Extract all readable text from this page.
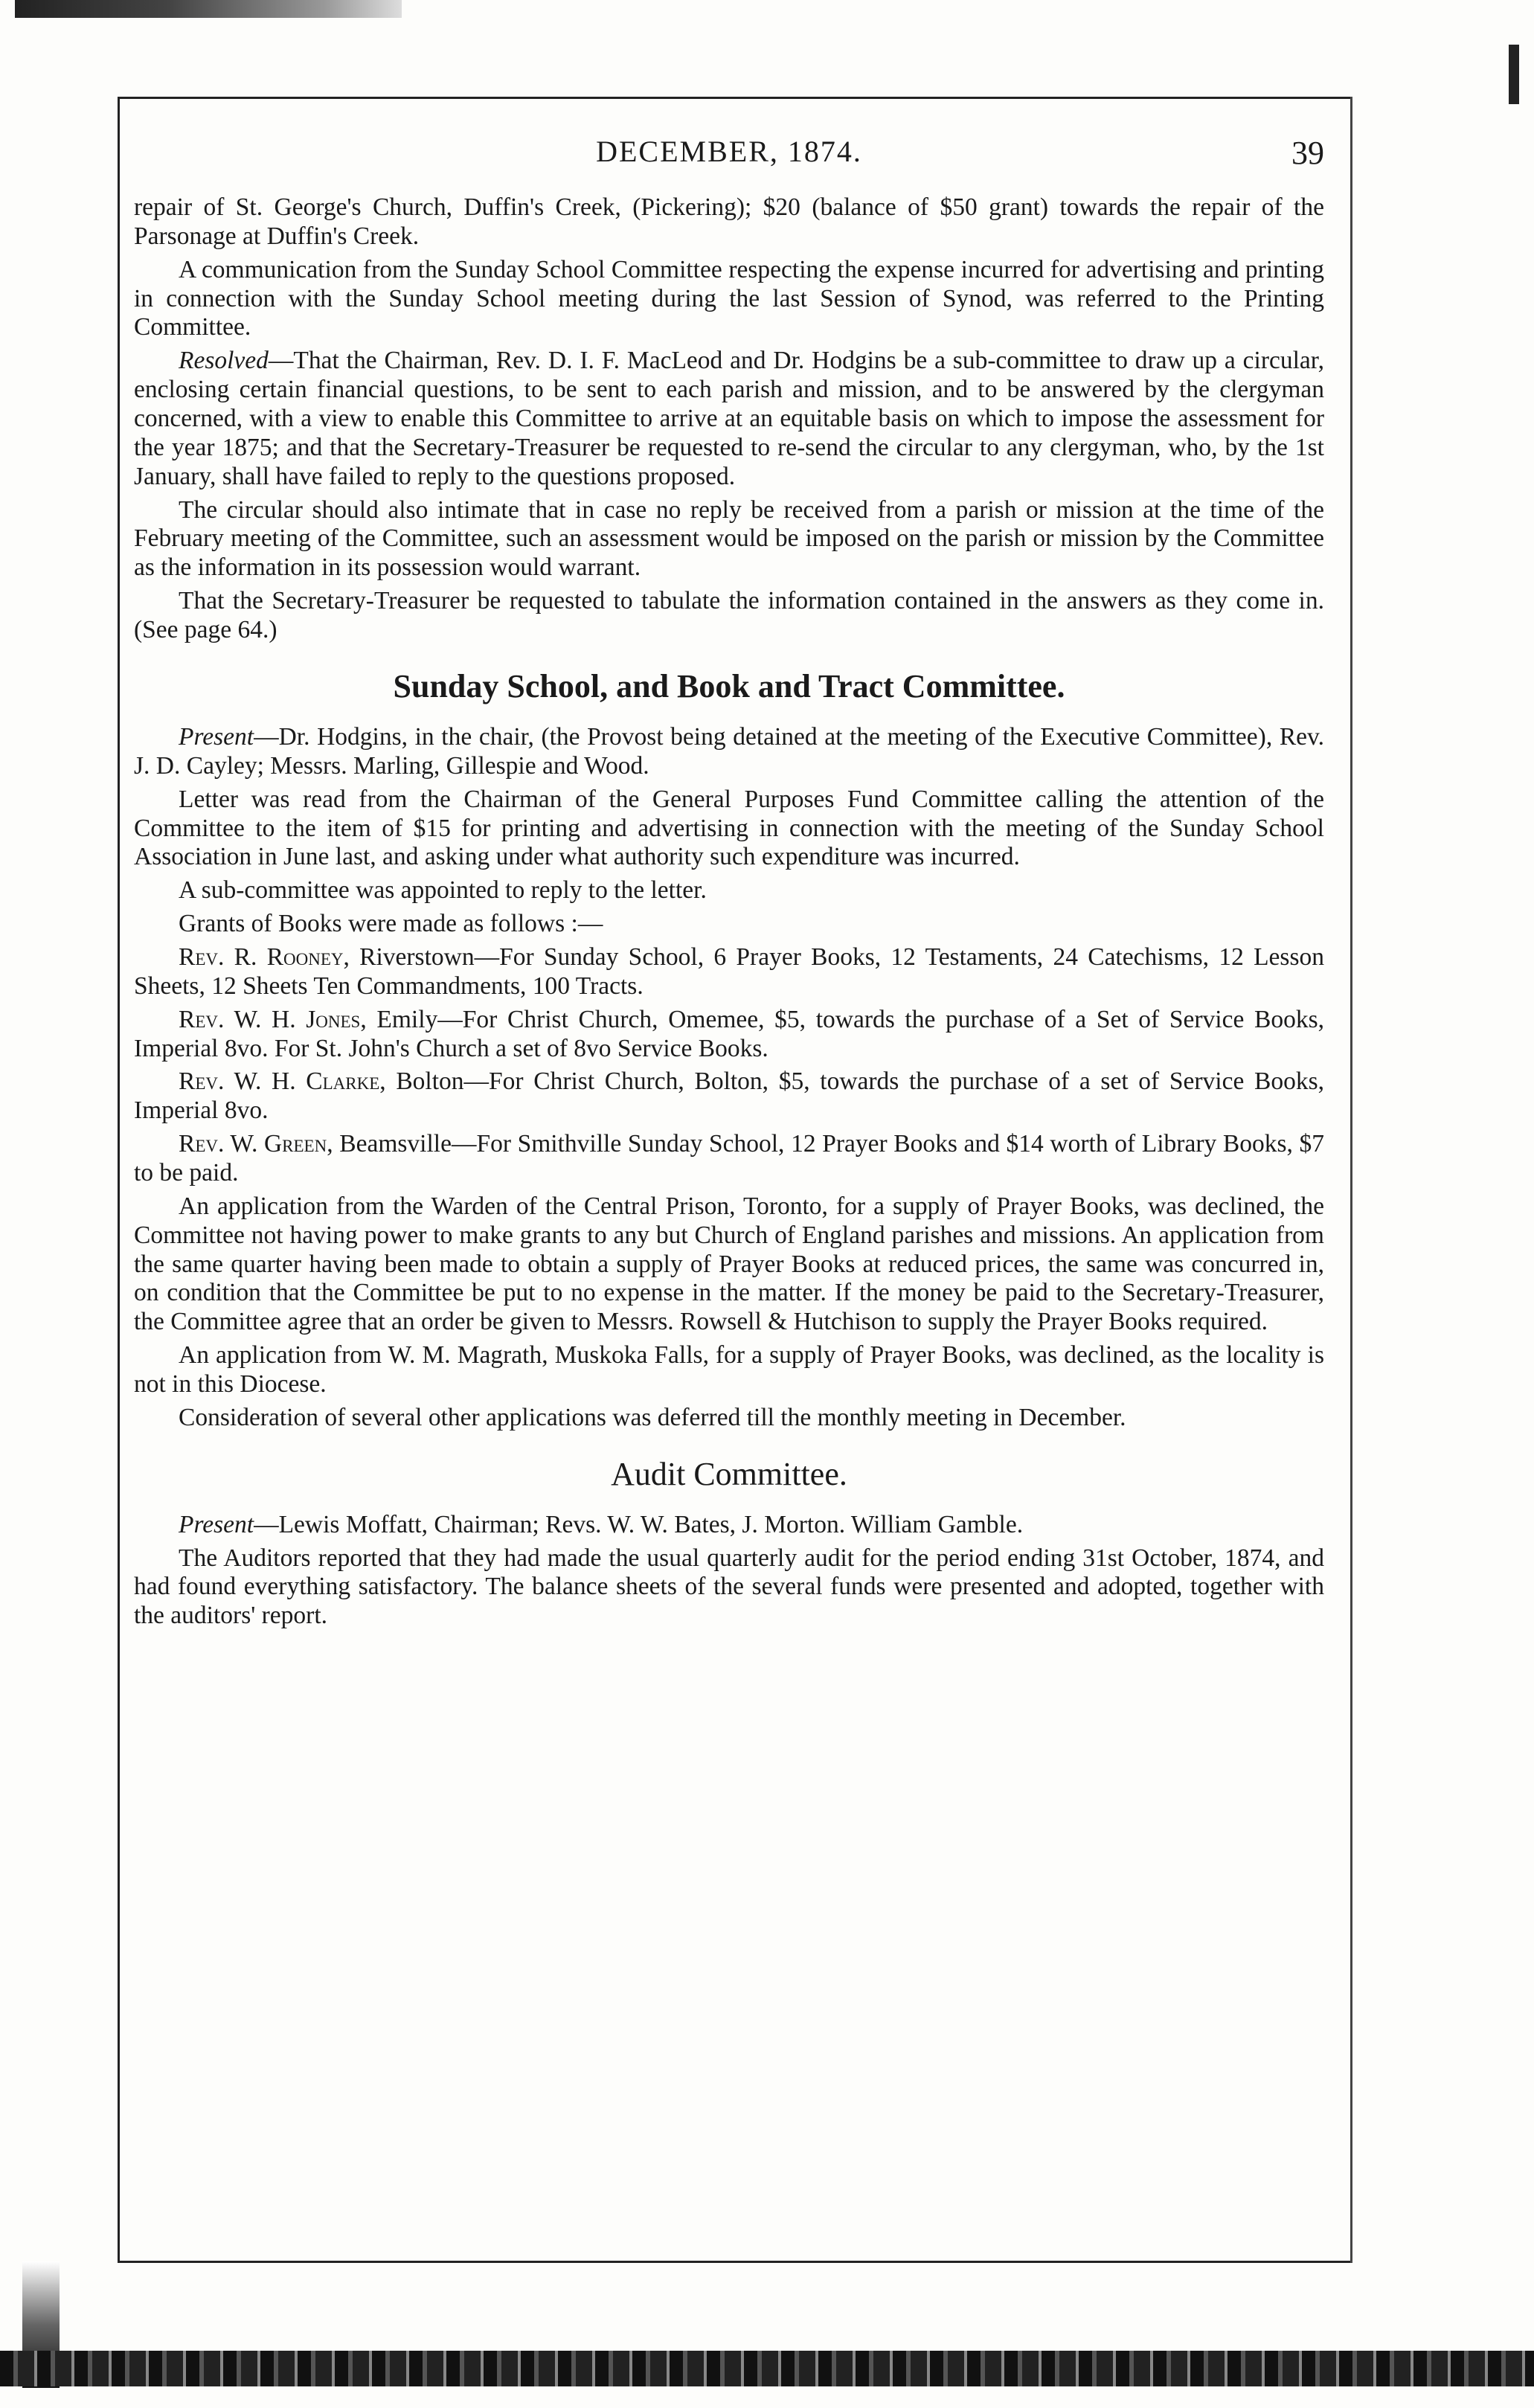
DECEMBER, 1874.	39

repair of St. George's Church, Duffin's Creek, (Pickering); $20 (balance of $50 grant) towards the repair of the Parsonage at Duffin's Creek.

A communication from the Sunday School Committee respecting the expense incurred for advertising and printing in connection with the Sunday School meeting during the last Session of Synod, was referred to the Printing Committee.

Resolved—That the Chairman, Rev. D. I. F. MacLeod and Dr. Hodgins be a sub-committee to draw up a circular, enclosing certain financial questions, to be sent to each parish and mission, and to be answered by the clergyman concerned, with a view to enable this Committee to arrive at an equitable basis on which to impose the assessment for the year 1875; and that the Secretary-Treasurer be requested to re-send the circular to any clergyman, who, by the 1st January, shall have failed to reply to the questions proposed.

The circular should also intimate that in case no reply be received from a parish or mission at the time of the February meeting of the Committee, such an assessment would be imposed on the parish or mission by the Committee as the information in its possession would warrant.

That the Secretary-Treasurer be requested to tabulate the information contained in the answers as they come in. (See page 64.)

Sunday School, and Book and Tract Committee.

Present—Dr. Hodgins, in the chair, (the Provost being detained at the meeting of the Executive Committee), Rev. J. D. Cayley; Messrs. Marling, Gillespie and Wood.

Letter was read from the Chairman of the General Purposes Fund Committee calling the attention of the Committee to the item of $15 for printing and advertising in connection with the meeting of the Sunday School Association in June last, and asking under what authority such expenditure was incurred.

A sub-committee was appointed to reply to the letter.

Grants of Books were made as follows :—

Rev. R. Rooney, Riverstown—For Sunday School, 6 Prayer Books, 12 Testaments, 24 Catechisms, 12 Lesson Sheets, 12 Sheets Ten Commandments, 100 Tracts.

Rev. W. H. Jones, Emily—For Christ Church, Omemee, $5, towards the purchase of a Set of Service Books, Imperial 8vo. For St. John's Church a set of 8vo Service Books.

Rev. W. H. Clarke, Bolton—For Christ Church, Bolton, $5, towards the purchase of a set of Service Books, Imperial 8vo.

Rev. W. Green, Beamsville—For Smithville Sunday School, 12 Prayer Books and $14 worth of Library Books, $7 to be paid.

An application from the Warden of the Central Prison, Toronto, for a supply of Prayer Books, was declined, the Committee not having power to make grants to any but Church of England parishes and missions. An application from the same quarter having been made to obtain a supply of Prayer Books at reduced prices, the same was concurred in, on condition that the Committee be put to no expense in the matter. If the money be paid to the Secretary-Treasurer, the Committee agree that an order be given to Messrs. Rowsell & Hutchison to supply the Prayer Books required.

An application from W. M. Magrath, Muskoka Falls, for a supply of Prayer Books, was declined, as the locality is not in this Diocese.

Consideration of several other applications was deferred till the monthly meeting in December.

Audit Committee.

Present—Lewis Moffatt, Chairman; Revs. W. W. Bates, J. Morton. William Gamble.

The Auditors reported that they had made the usual quarterly audit for the period ending 31st October, 1874, and had found everything satisfactory. The balance sheets of the several funds were presented and adopted, together with the auditors' report.
